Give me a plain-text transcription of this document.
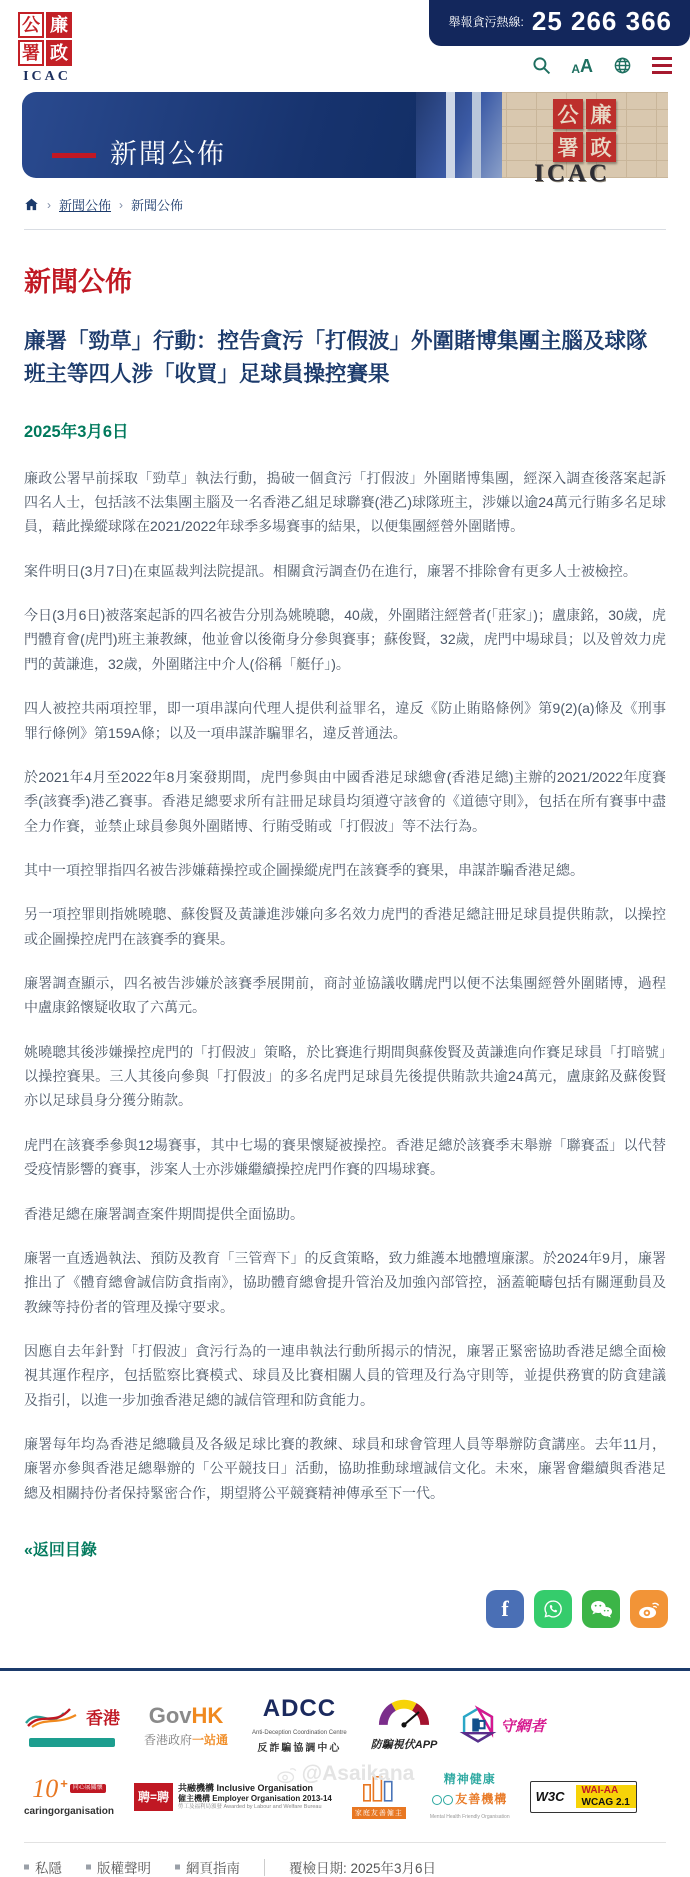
公 廉
署 政
ICAC
舉報貪污熱線: 25 266 366
A A
新聞公佈
公 廉
署 政
ICAC
› 新聞公佈 › 新聞公佈
新聞公佈
廉署「勁草」行動：控告貪污「打假波」外圍賭博集團主腦及球隊班主等四人涉「收買」足球員操控賽果
2025年3月6日

廉政公署早前採取「勁草」執法行動，搗破一個貪污「打假波」外圍賭博集團，經深入調查後落案起訴四名人士，包括該不法集團主腦及一名香港乙組足球聯賽(港乙)球隊班主，涉嫌以逾24萬元行賄多名足球員，藉此操縱球隊在2021/2022年球季多場賽事的結果，以便集團經營外圍賭博。

案件明日(3月7日)在東區裁判法院提訊。相關貪污調查仍在進行，廉署不排除會有更多人士被檢控。

今日(3月6日)被落案起訴的四名被告分別為姚曉聰，40歲，外圍賭注經營者(「莊家」)；盧康銘，30歲，虎門體育會(虎門)班主兼教練，他並會以後衛身分參與賽事；蘇俊賢，32歲，虎門中場球員；以及曾效力虎門的黃謙進，32歲，外圍賭注中介人(俗稱「艇仔」)。

四人被控共兩項控罪，即一項串謀向代理人提供利益罪名，違反《防止賄賂條例》第9(2)(a)條及《刑事罪行條例》第159A條；以及一項串謀詐騙罪名，違反普通法。

於2021年4月至2022年8月案發期間，虎門參與由中國香港足球總會(香港足總)主辦的2021/2022年度賽季(該賽季)港乙賽事。香港足總要求所有註冊足球員均須遵守該會的《道德守則》，包括在所有賽事中盡全力作賽，並禁止球員參與外圍賭博、行賄受賄或「打假波」等不法行為。

其中一項控罪指四名被告涉嫌藉操控或企圖操縱虎門在該賽季的賽果，串謀詐騙香港足總。

另一項控罪則指姚曉聰、蘇俊賢及黃謙進涉嫌向多名效力虎門的香港足總註冊足球員提供賄款，以操控或企圖操控虎門在該賽季的賽果。

廉署調查顯示，四名被告涉嫌於該賽季展開前，商討並協議收購虎門以便不法集團經營外圍賭博，過程中盧康銘懷疑收取了六萬元。

姚曉聰其後涉嫌操控虎門的「打假波」策略，於比賽進行期間與蘇俊賢及黃謙進向作賽足球員「打暗號」以操控賽果。三人其後向參與「打假波」的多名虎門足球員先後提供賄款共逾24萬元，盧康銘及蘇俊賢亦以足球員身分獲分賄款。

虎門在該賽季參與12場賽事，其中七場的賽果懷疑被操控。香港足總於該賽季末舉辦「聯賽盃」以代替受疫情影響的賽事，涉案人士亦涉嫌繼續操控虎門作賽的四場球賽。

香港足總在廉署調查案件期間提供全面協助。

廉署一直透過執法、預防及教育「三管齊下」的反貪策略，致力維護本地體壇廉潔。於2024年9月，廉署推出了《體育總會誠信防貪指南》，協助體育總會提升管治及加強內部管控，涵蓋範疇包括有關運動員及教練等持份者的管理及操守要求。

因應自去年針對「打假波」貪污行為的一連串執法行動所揭示的情況，廉署正緊密協助香港足總全面檢視其運作程序，包括監察比賽模式、球員及比賽相關人員的管理及行為守則等，並提供務實的防貪建議及指引，以進一步加強香港足總的誠信管理和防貪能力。

廉署每年均為香港足總職員及各級足球比賽的教練、球員和球會管理人員等舉辦防貪講座。去年11月，廉署亦參與香港足總舉辦的「公平競技日」活動，協助推動球壇誠信文化。未來，廉署會繼續與香港足總及相關持份者保持緊密合作，期望將公平競賽精神傳承至下一代。

«返回目錄
f
香港 GovHK
香港政府一站通
ADCC
Anti-Deception Coordination Centre
反詐騙協調中心	防騙視伏APP
守網者
10 + 同心展關懷
caringorganisation
聘=聘
共融機構 Inclusive Organisation
僱主機構 Employer Organisation 2013-14
勞工及福利局頒發 Awarded by Labour and Welfare Bureau
家庭友善僱主
精神健康
友善機構
Mental Health Friendly Organisation
W3C	WAI-AA
WCAG 2.1
私隱	版權聲明	網頁指南	覆檢日期: 2025年3月6日
@Asaikana
